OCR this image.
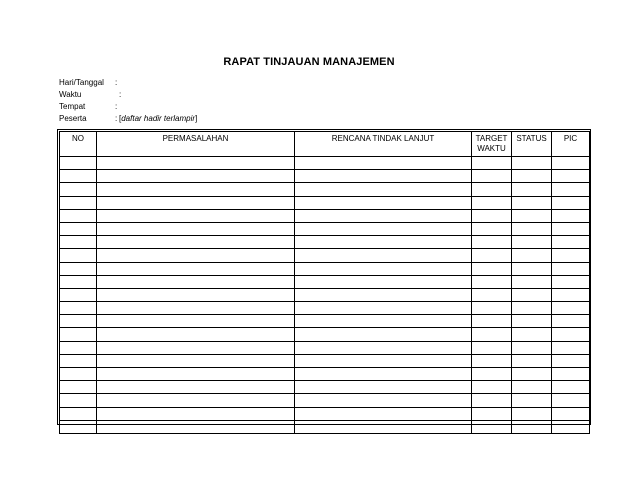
RAPAT TINJAUAN MANAJEMEN
Hari/Tanggal :
Waktu	:
Tempat	:
Peserta	: [daftar hadir terlampir]
NO	PERMASALAHAN	RENCANA TINDAK LANJUT	TARGET WAKTU	STATUS	PIC
